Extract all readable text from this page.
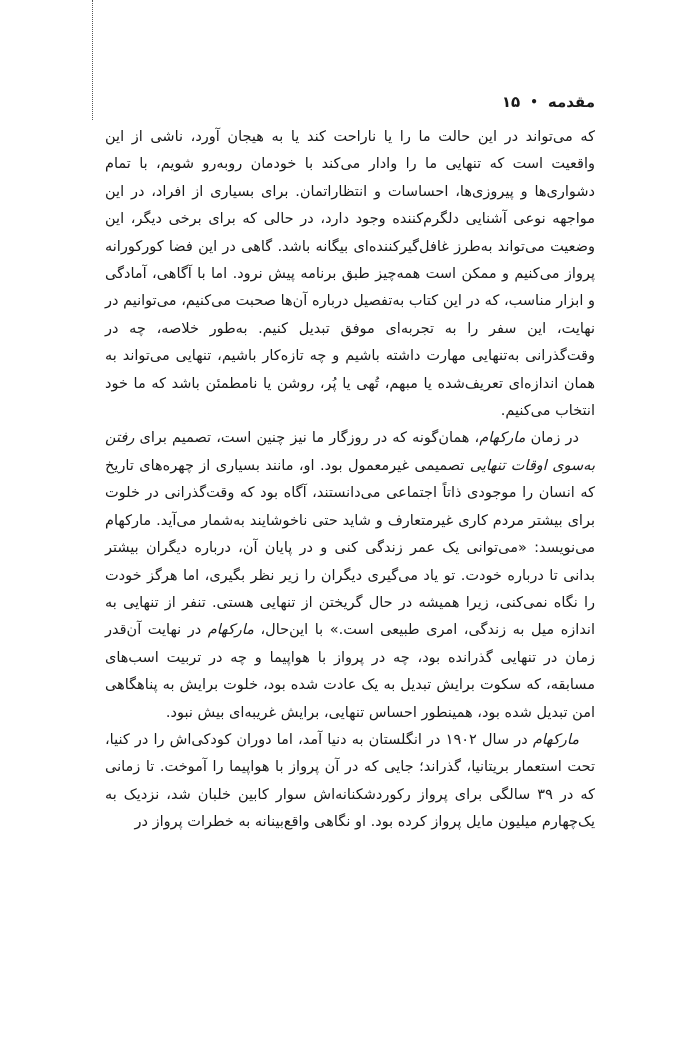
مقدمه
•
۱۵

که می‌تواند در این حالت ما را یا ناراحت کند یا به هیجان آورد، ناشی از این واقعیت است که تنهایی ما را وادار می‌کند با خودمان روبه‌رو شویم، با تمام دشواری‌ها و پیروزی‌ها، احساسات و انتظاراتمان. برای بسیاری از افراد، در این مواجهه نوعی آشنایی دلگرم‌کننده وجود دارد، در حالی که برای برخی دیگر، این وضعیت می‌تواند به‌طرز غافل‌گیرکننده‌ای بیگانه باشد. گاهی در این فضا کورکورانه پرواز می‌کنیم و ممکن است همه‌چیز طبق برنامه پیش نرود. اما با آگاهی، آمادگی و ابزار مناسب، که در این کتاب به‌تفصیل درباره آن‌ها صحبت می‌کنیم، می‌توانیم در نهایت، این سفر را به تجربه‌ای موفق تبدیل کنیم. به‌طور خلاصه، چه در وقت‌گذرانی به‌تنهایی مهارت داشته باشیم و چه تازه‌کار باشیم، تنهایی می‌تواند به همان اندازه‌ای تعریف‌شده یا مبهم، تُهی یا پُر، روشن یا نامطمئن باشد که ما خود انتخاب می‌کنیم.

در زمان مارکهام، همان‌گونه که در روزگار ما نیز چنین است، تصمیم برای رفتن به‌سوی اوقات تنهایی تصمیمی غیرمعمول بود. او، مانند بسیاری از چهره‌های تاریخ که انسان را موجودی ذاتاً اجتماعی می‌دانستند، آگاه بود که وقت‌گذرانی در خلوت برای بیشتر مردم کاری غیرمتعارف و شاید حتی ناخوشایند به‌شمار می‌آید. مارکهام می‌نویسد: «می‌توانی یک عمر زندگی کنی و در پایان آن، درباره دیگران بیشتر بدانی تا درباره خودت. تو یاد می‌گیری دیگران را زیر نظر بگیری، اما هرگز خودت را نگاه نمی‌کنی، زیرا همیشه در حال گریختن از تنهایی هستی. تنفر از تنهایی به اندازه میل به زندگی، امری طبیعی است.» با این‌حال، مارکهام در نهایت آن‌قدر زمان در تنهایی گذرانده بود، چه در پرواز با هواپیما و چه در تربیت اسب‌های مسابقه، که سکوت برایش تبدیل به یک عادت شده بود، خلوت برایش به پناهگاهی امن تبدیل شده بود، همینطور احساس تنهایی، برایش غریبه‌ای بیش نبود.

مارکهام در سال ۱۹۰۲ در انگلستان به دنیا آمد، اما دوران کودکی‌اش را در کنیا، تحت استعمار بریتانیا، گذراند؛ جایی که در آن پرواز با هواپیما را آموخت. تا زمانی که در ۳۹ سالگی برای پرواز رکوردشکنانه‌اش سوار کابین خلبان شد، نزدیک به یک‌چهارم میلیون مایل پرواز کرده بود. او نگاهی واقع‌بینانه به خطرات پرواز در
